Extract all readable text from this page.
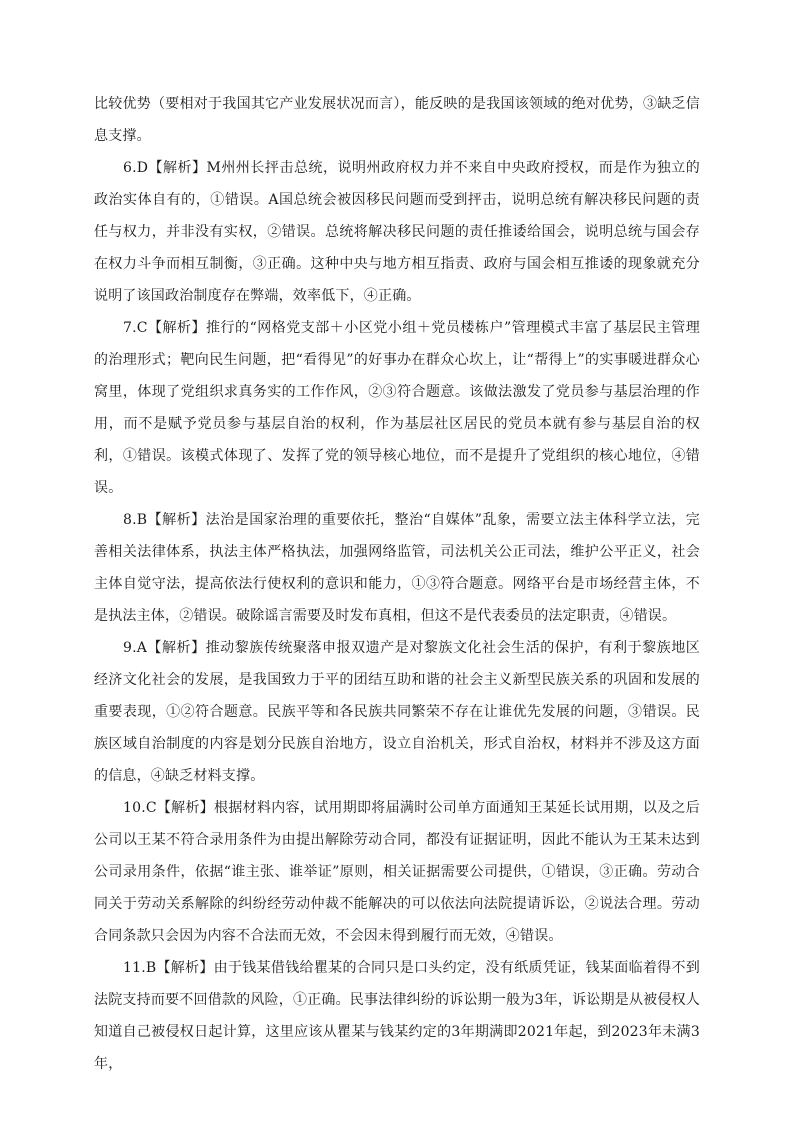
比较优势（要相对于我国其它产业发展状况而言），能反映的是我国该领域的绝对优势，③缺乏信息支撑。

6.D【解析】M州州长抨击总统，说明州政府权力并不来自中央政府授权，而是作为独立的政治实体自有的，①错误。A国总统会被因移民问题而受到抨击，说明总统有解决移民问题的责任与权力，并非没有实权，②错误。总统将解决移民问题的责任推诿给国会，说明总统与国会存在权力斗争而相互制衡，③正确。这种中央与地方相互指责、政府与国会相互推诿的现象就充分说明了该国政治制度存在弊端，效率低下，④正确。

7.C【解析】推行的“网格党支部＋小区党小组＋党员楼栋户”管理模式丰富了基层民主管理的治理形式；靶向民生问题，把“看得见”的好事办在群众心坎上，让“帮得上”的实事暖进群众心窝里，体现了党组织求真务实的工作作风，②③符合题意。该做法激发了党员参与基层治理的作用，而不是赋予党员参与基层自治的权利，作为基层社区居民的党员本就有参与基层自治的权利，①错误。该模式体现了、发挥了党的领导核心地位，而不是提升了党组织的核心地位，④错误。

8.B【解析】法治是国家治理的重要依托，整治“自媒体”乱象，需要立法主体科学立法，完善相关法律体系，执法主体严格执法，加强网络监管，司法机关公正司法，维护公平正义，社会主体自觉守法，提高依法行使权利的意识和能力，①③符合题意。网络平台是市场经营主体，不是执法主体，②错误。破除谣言需要及时发布真相，但这不是代表委员的法定职责，④错误。

9.A【解析】推动黎族传统聚落申报双遗产是对黎族文化社会生活的保护，有利于黎族地区经济文化社会的发展，是我国致力于平的团结互助和谐的社会主义新型民族关系的巩固和发展的重要表现，①②符合题意。民族平等和各民族共同繁荣不存在让谁优先发展的问题，③错误。民族区域自治制度的内容是划分民族自治地方，设立自治机关，形式自治权，材料并不涉及这方面的信息，④缺乏材料支撑。

10.C【解析】根据材料内容，试用期即将届满时公司单方面通知王某延长试用期，以及之后公司以王某不符合录用条件为由提出解除劳动合同，都没有证据证明，因此不能认为王某未达到公司录用条件，依据“谁主张、谁举证”原则，相关证据需要公司提供，①错误，③正确。劳动合同关于劳动关系解除的纠纷经劳动仲裁不能解决的可以依法向法院提请诉讼，②说法合理。劳动合同条款只会因为内容不合法而无效，不会因未得到履行而无效，④错误。

11.B【解析】由于钱某借钱给瞿某的合同只是口头约定，没有纸质凭证，钱某面临着得不到法院支持而要不回借款的风险，①正确。民事法律纠纷的诉讼期一般为3年，诉讼期是从被侵权人知道自己被侵权日起计算，这里应该从瞿某与钱某约定的3年期满即2021年起，到2023年未满3年，
